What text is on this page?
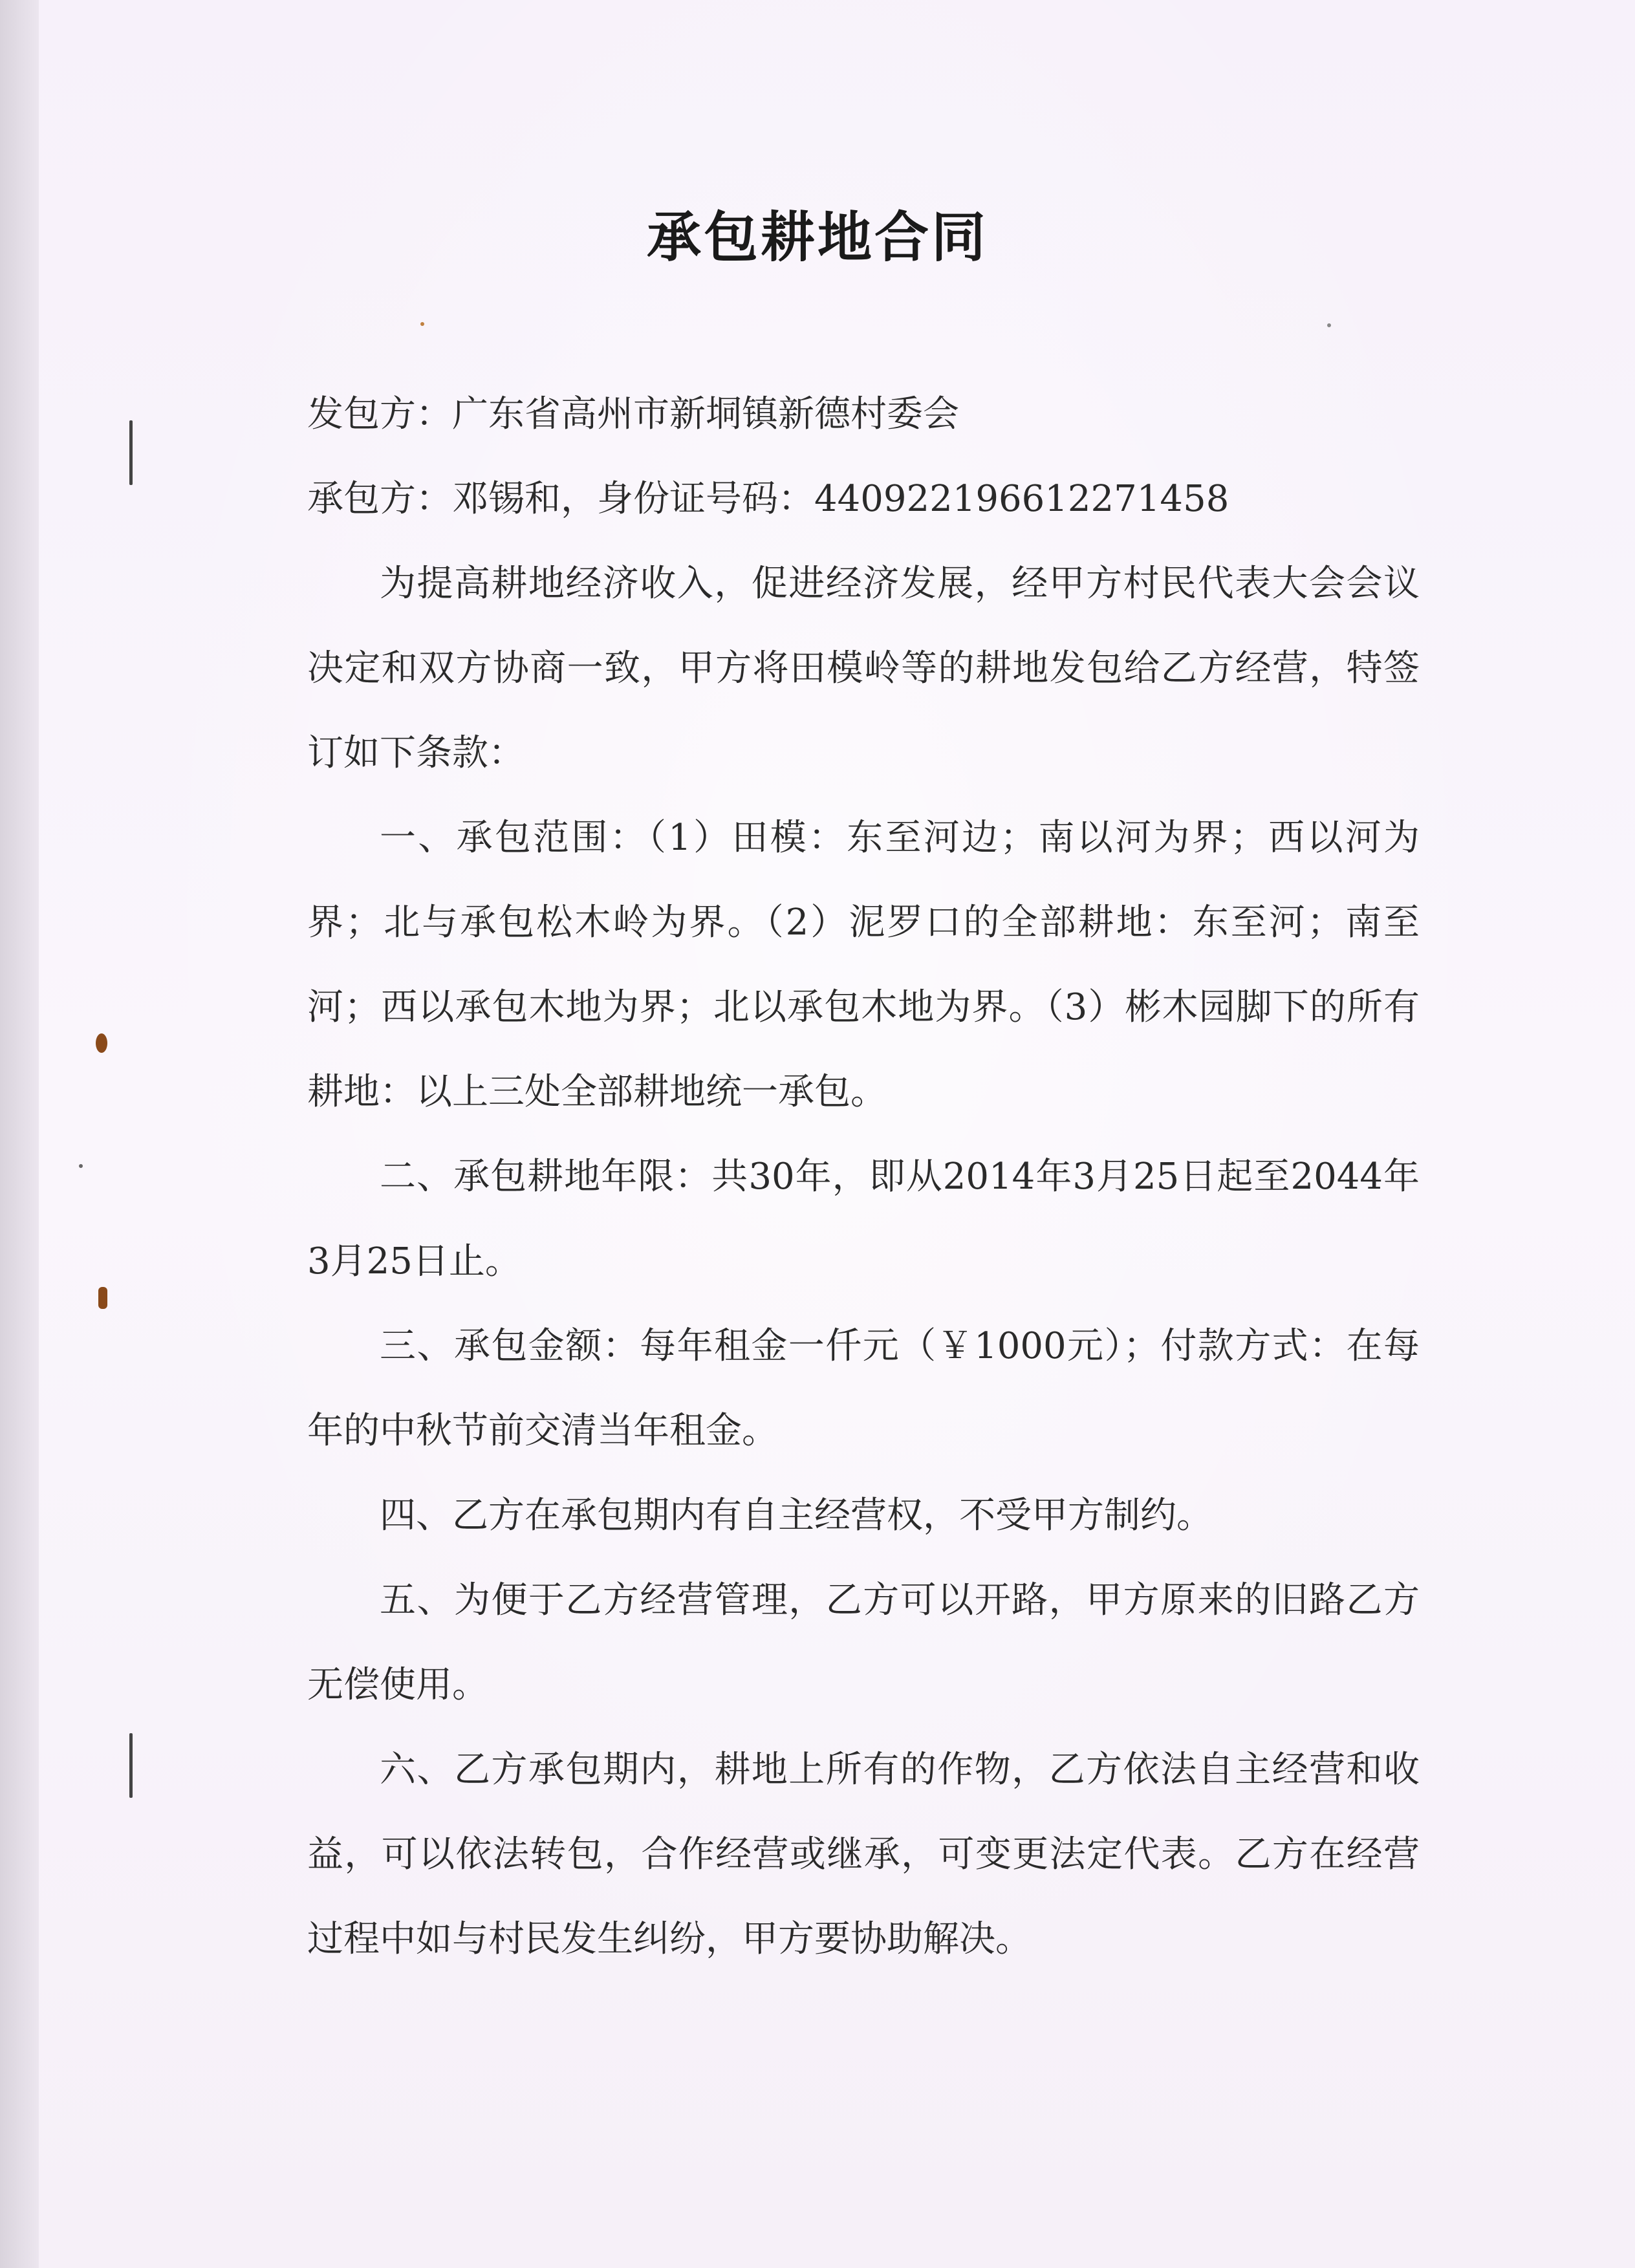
承包耕地合同

发包方：广东省高州市新垌镇新德村委会

承包方：邓锡和，身份证号码：440922196612271458

为提高耕地经济收入，促进经济发展，经甲方村民代表大会会议决定和双方协商一致，甲方将田模岭等的耕地发包给乙方经营，特签订如下条款：

一、承包范围：（1）田模：东至河边；南以河为界；西以河为界；北与承包松木岭为界。（2）泥罗口的全部耕地：东至河；南至河；西以承包木地为界；北以承包木地为界。（3）彬木园脚下的所有耕地：以上三处全部耕地统一承包。

二、承包耕地年限：共30年，即从2014年3月25日起至2044年3月25日止。

三、承包金额：每年租金一仟元（￥1000元）；付款方式：在每年的中秋节前交清当年租金。

四、乙方在承包期内有自主经营权，不受甲方制约。

五、为便于乙方经营管理，乙方可以开路，甲方原来的旧路乙方无偿使用。

六、乙方承包期内，耕地上所有的作物，乙方依法自主经营和收益，可以依法转包，合作经营或继承，可变更法定代表。乙方在经营过程中如与村民发生纠纷，甲方要协助解决。
